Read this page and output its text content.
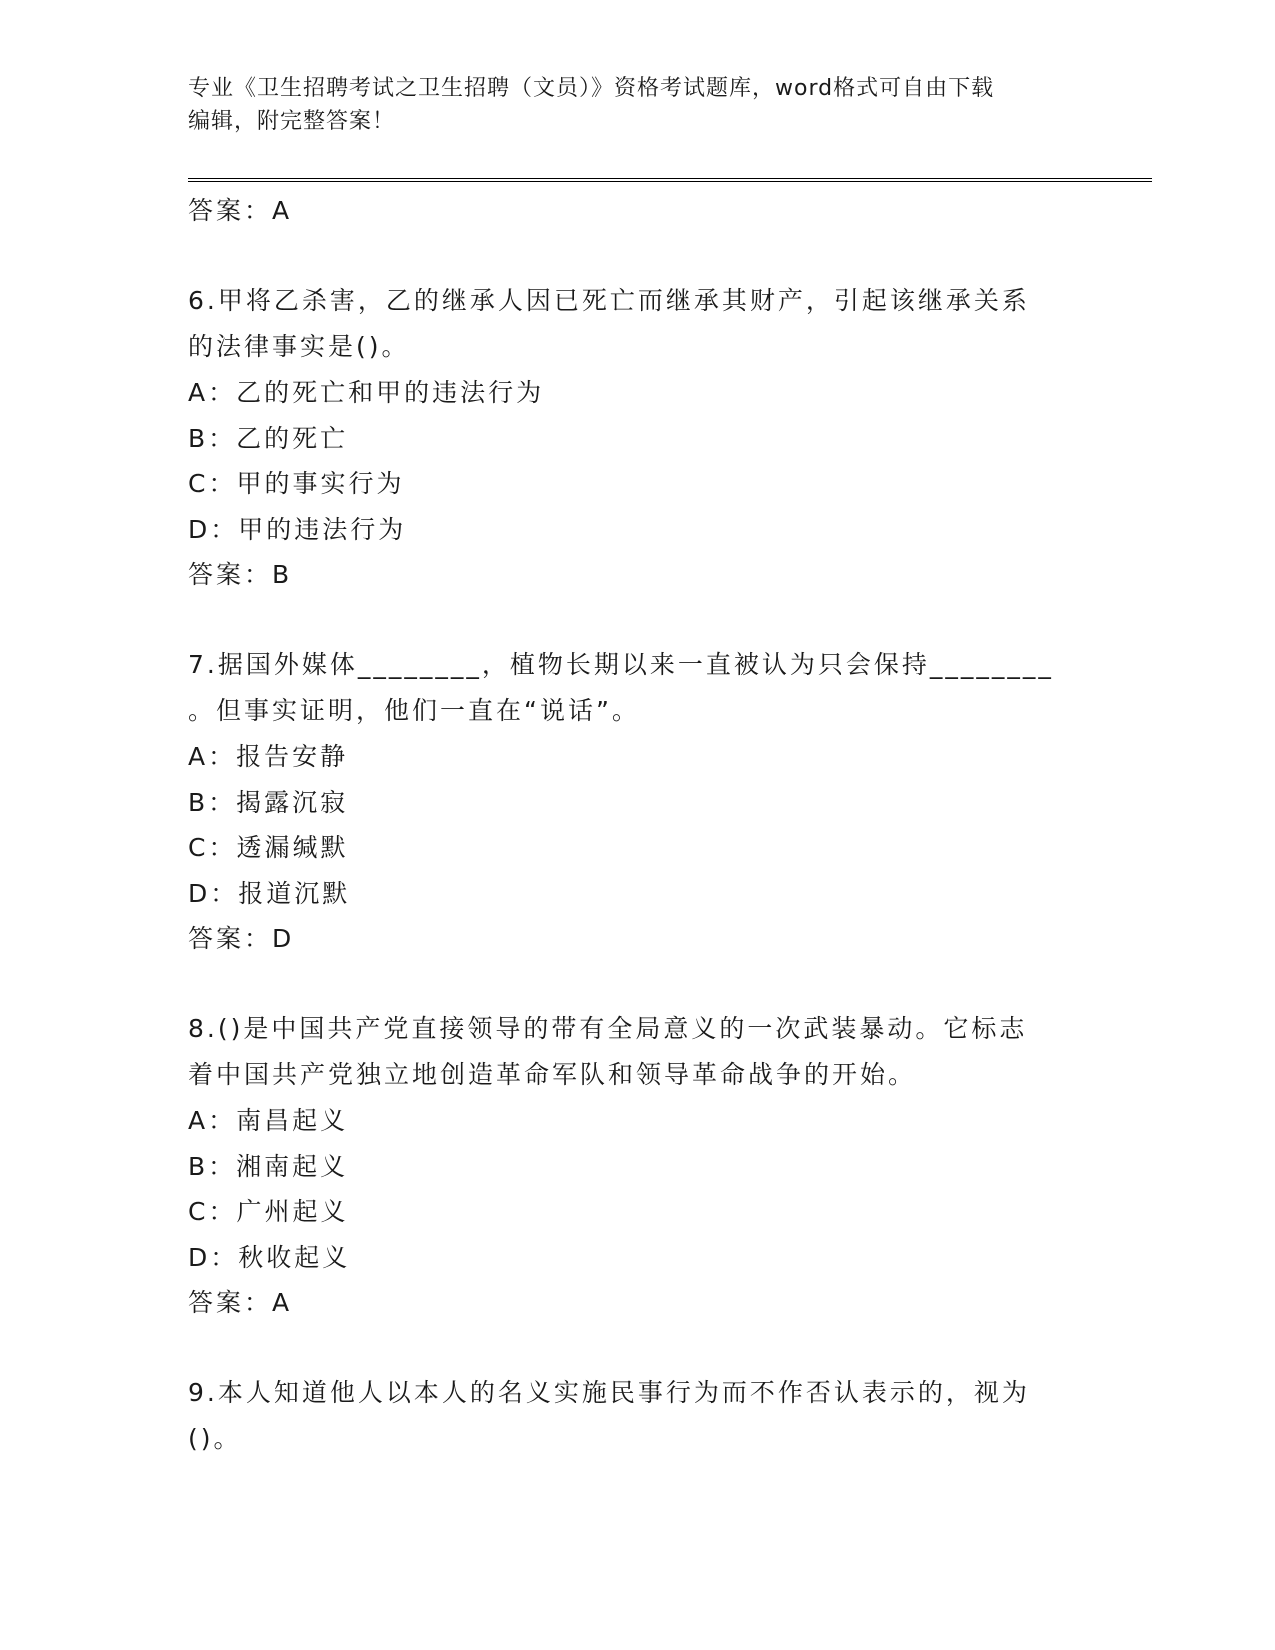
专业《卫生招聘考试之卫生招聘（文员）》资格考试题库，word格式可自由下载
编辑，附完整答案！
答案：A
6.甲将乙杀害，乙的继承人因已死亡而继承其财产，引起该继承关系
的法律事实是()。
A：乙的死亡和甲的违法行为
B：乙的死亡
C：甲的事实行为
D：甲的违法行为
答案：B
7.据国外媒体________，植物长期以来一直被认为只会保持________
。但事实证明，他们一直在“说话”。
A：报告安静
B：揭露沉寂
C：透漏缄默
D：报道沉默
答案：D
8.()是中国共产党直接领导的带有全局意义的一次武装暴动。它标志
着中国共产党独立地创造革命军队和领导革命战争的开始。
A：南昌起义
B：湘南起义
C：广州起义
D：秋收起义
答案：A
9.本人知道他人以本人的名义实施民事行为而不作否认表示的，视为
()。
